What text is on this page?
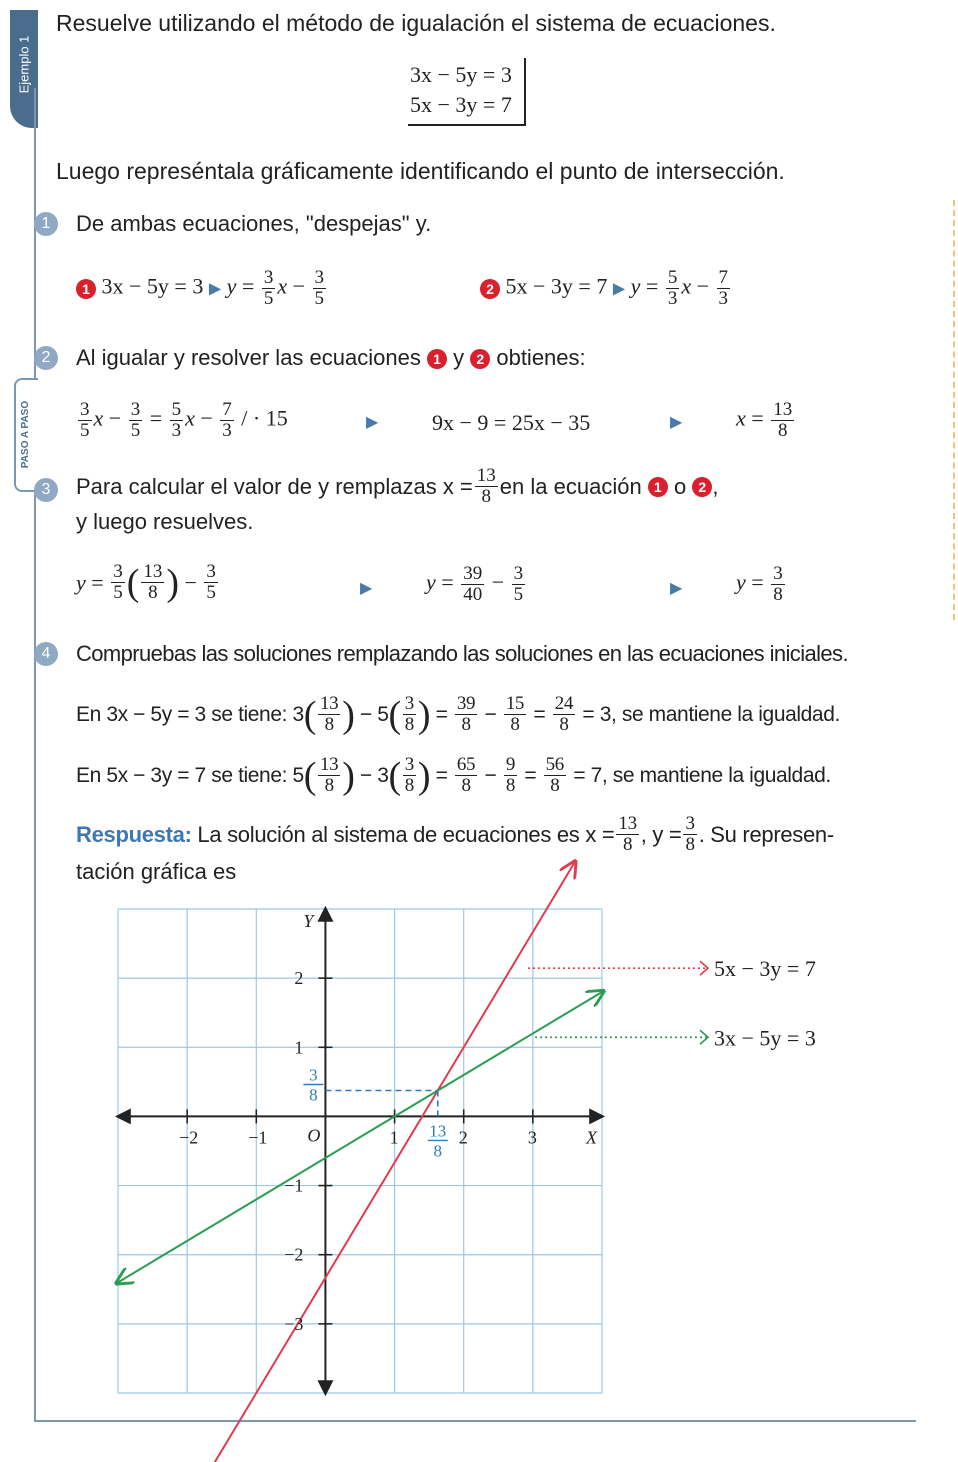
Ejemplo 1
PASO A PASO
Resuelve utilizando el método de igualación el sistema de ecuaciones.
3x − 5y = 3
5x − 3y = 7
Luego represéntala gráficamente identificando el punto de intersección.
1	De ambas ecuaciones, "despejas" y.
1 3x − 5y = 3 ▶ $y = \frac{3}{5}$ $x - \frac{3}{5}$	2 5x − 3y = 7 ▶ $y = \frac{5}{3}$ $x - \frac{7}{3}$
2	Al igualar y resolver las ecuaciones 1 y 2 obtienes:
$\frac{3}{5}$ $x - \frac{3}{5} = \frac{5}{3}$ $x - \frac{7}{3}$ / · 15	▶ 9x − 9 = 25x − 35	▶ $x = \frac{13}{8}$
3	Para calcular el valor de y remplazas $x = \frac{13}{8}$ en la ecuación
1
o
2 ,
y luego resuelves.
$y = \frac{3}{5}$ ( $\frac{13}{8}$ ) − $\frac{3}{5}$	▶ $y = \frac{39}{40} - \frac{3}{5}$	▶ $y = \frac{3}{8}$
4	Compruebas las soluciones remplazando las soluciones en las ecuaciones iniciales.
En 3x − 5y = 3 se tiene: 3 ( $\frac{13}{8}$ ) − 5 ( $\frac{3}{8}$ ) = $\frac{39}{8} - \frac{15}{8} = \frac{24}{8}$
= 3, se mantiene la igualdad.
En 5x − 3y = 7 se tiene: 5 ( $\frac{13}{8}$ ) − 3 ( $\frac{3}{8}$ ) = $\frac{65}{8} - \frac{9}{8} = \frac{56}{8}$
= 7, se mantiene la igualdad.
Respuesta:
La solución al sistema de ecuaciones es $x = \frac{13}{8}$ , $y = \frac{3}{8}$ . Su represen-
tación gráfica es
−2	−1	1	2	3
2
1
−1
−2
−3
X
Y
O
3
8
13
8
5x − 3y = 7
3x − 5y = 3
